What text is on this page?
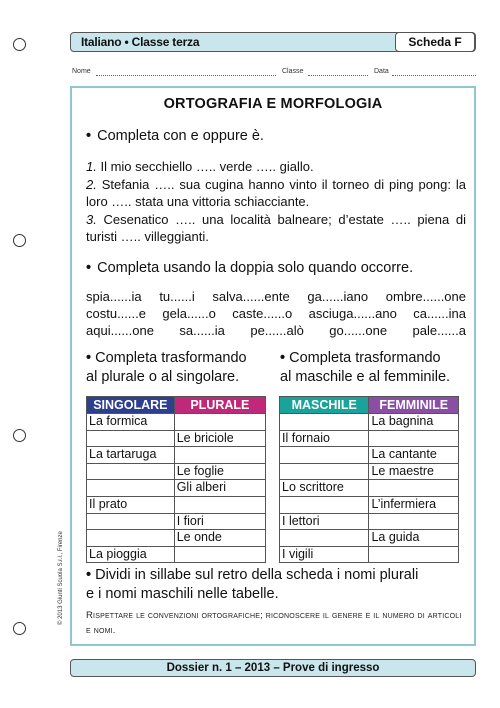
Italiano • Classe terza	Scheda F
Nome	Classe	Data
ORTOGRAFIA E MORFOLOGIA
• Completa con e oppure è.
1. Il mio secchiello ….. verde ….. giallo.
2. Stefania ….. sua cugina hanno vinto il torneo di ping pong: la loro ….. stata una vittoria schiacciante.
3. Cesenatico ….. una località balneare; d’estate ….. piena di turisti ….. villeggianti.
• Completa usando la doppia solo quando occorre.
spia......ia tu......i salva......ente ga......iano ombre......one
costu......e gela......o caste......o asciuga......ano ca......ina
aqui......one sa......ia pe......alò go......one pale......a
• Completa trasformando
al plurale o al singolare.
• Completa trasformando
al maschile e al femminile.
SINGOLARE	PLURALE
La formica	
	Le briciole
La tartaruga	
	Le foglie
	Gli alberi
Il prato	
	I fiori
	Le onde
La pioggia	
MASCHILE	FEMMINILE
	La bagnina
Il fornaio	
	La cantante
	Le maestre
Lo scrittore	
	L’infermiera
I lettori	
	La guida
I vigili	
• Dividi in sillabe sul retro della scheda i nomi plurali
e i nomi maschili nelle tabelle.
Rispettare le convenzioni ortografiche; riconoscere il genere e il numero di articoli e nomi.
© 2013 Giunti Scuola S.r.l., Firenze
Dossier n. 1 – 2013 – Prove di ingresso
